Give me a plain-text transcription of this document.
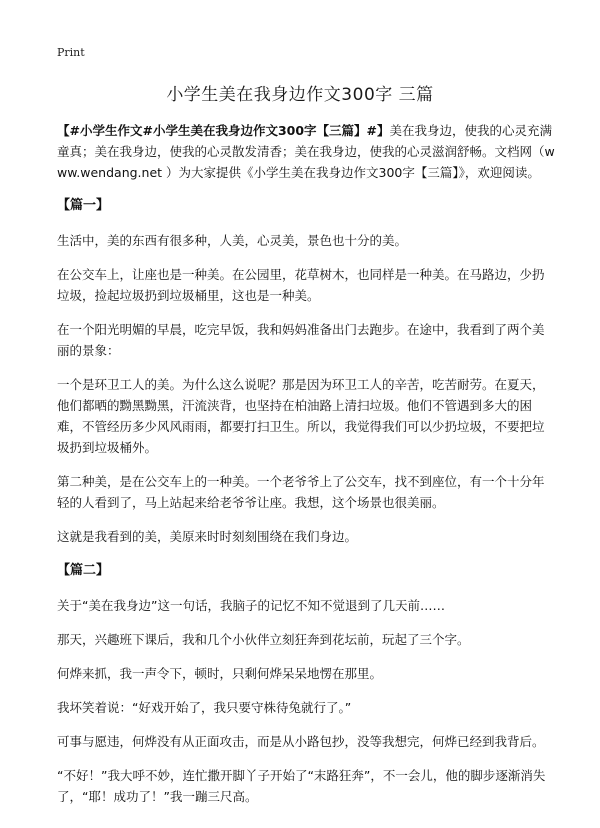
Print
小学生美在我身边作文300字 三篇

【#小学生作文#小学生美在我身边作文300字【三篇】#】美在我身边，使我的心灵充满童真；美在我身边，使我的心灵散发清香；美在我身边，使我的心灵滋润舒畅。文档网（www.wendang.net ）为大家提供《小学生美在我身边作文300字【三篇】》，欢迎阅读。

【篇一】

生活中，美的东西有很多种，人美，心灵美，景色也十分的美。

在公交车上，让座也是一种美。在公园里，花草树木，也同样是一种美。在马路边，少扔垃圾，捡起垃圾扔到垃圾桶里，这也是一种美。

在一个阳光明媚的早晨，吃完早饭，我和妈妈准备出门去跑步。在途中，我看到了两个美丽的景象：

一个是环卫工人的美。为什么这么说呢？那是因为环卫工人的辛苦，吃苦耐劳。在夏天，他们都晒的黝黑黝黑，汗流浃背，也坚持在柏油路上清扫垃圾。他们不管遇到多大的困难，不管经历多少风风雨雨，都要打扫卫生。所以，我觉得我们可以少扔垃圾，不要把垃圾扔到垃圾桶外。

第二种美，是在公交车上的一种美。一个老爷爷上了公交车，找不到座位，有一个十分年轻的人看到了，马上站起来给老爷爷让座。我想，这个场景也很美丽。

这就是我看到的美，美原来时时刻刻围绕在我们身边。

【篇二】

关于“美在我身边”这一句话，我脑子的记忆不知不觉退到了几天前……

那天，兴趣班下课后，我和几个小伙伴立刻狂奔到花坛前，玩起了三个字。

何烨来抓，我一声令下，顿时，只剩何烨呆呆地愣在那里。

我坏笑着说：“好戏开始了，我只要守株待兔就行了。”

可事与愿违，何烨没有从正面攻击，而是从小路包抄，没等我想完，何烨已经到我背后。

“不好！”我大呼不妙，连忙撒开脚丫子开始了“末路狂奔”，不一会儿，他的脚步逐渐消失了，“耶！成功了！”我一蹦三尺高。
